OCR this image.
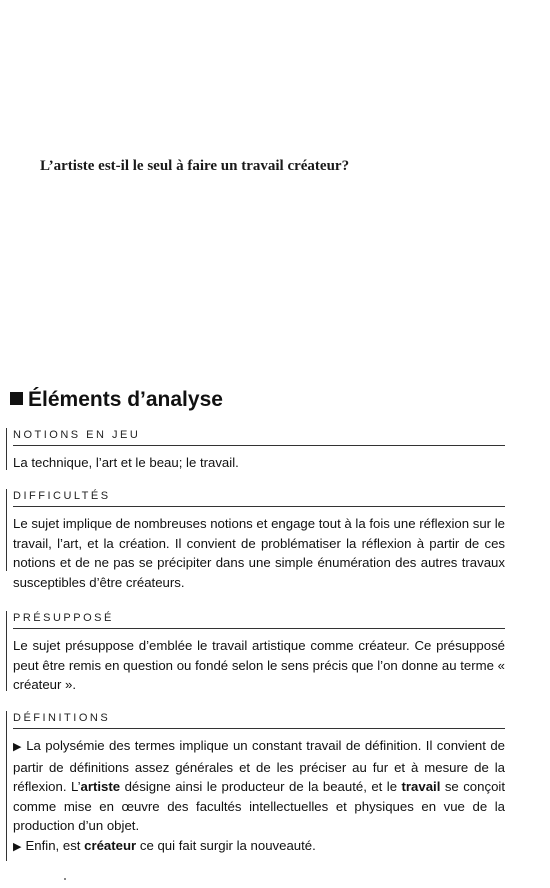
L’artiste est-il le seul à faire un travail créateur?
Éléments d’analyse
NOTIONS EN JEU

La technique, l’art et le beau; le travail.

DIFFICULTÉS

Le sujet implique de nombreuses notions et engage tout à la fois une réflexion sur le travail, l’art, et la création. Il convient de problématiser la réflexion à partir de ces notions et de ne pas se précipiter dans une simple énumération des autres travaux susceptibles d’être créateurs.

PRÉSUPPOSÉ

Le sujet présuppose d’emblée le travail artistique comme créateur. Ce présupposé peut être remis en question ou fondé selon le sens précis que l’on donne au terme « créateur ».

DÉFINITIONS

▶ La polysémie des termes implique un constant travail de définition. Il convient de partir de définitions assez générales et de les préciser au fur et à mesure de la réflexion. L’artiste désigne ainsi le producteur de la beauté, et le travail se conçoit comme mise en œuvre des facultés intellectuelles et physiques en vue de la production d’un objet.

▶ Enfin, est créateur ce qui fait surgir la nouveauté.
